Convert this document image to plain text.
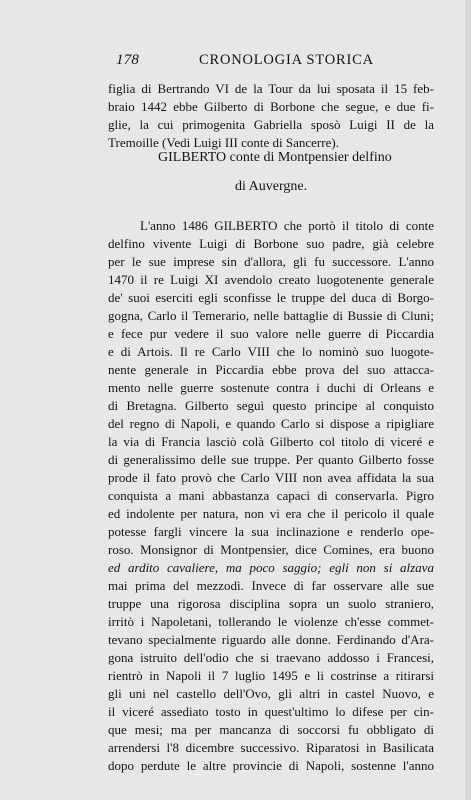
178	CRONOLOGIA STORICA
figlia di Bertrando VI de la Tour da lui sposata il 15 feb-
braio 1442 ebbe Gilberto di Borbone che segue, e due fi-
glie, la cui primogenita Gabriella sposò Luigi II de la
Tremoille (Vedi Luigi III conte di Sancerre).
GILBERTO conte di Montpensier delfino
di Auvergne.
L'anno 1486 GILBERTO che portò il titolo di conte
delfino vivente Luigi di Borbone suo padre, già celebre
per le sue imprese sin d'allora, gli fu successore. L'anno
1470 il re Luigi XI avendolo creato luogotenente generale
de' suoi eserciti egli sconfisse le truppe del duca di Borgo-
gogna, Carlo il Temerario, nelle battaglie di Bussie di Cluni;
e fece pur vedere il suo valore nelle guerre di Piccardia
e di Artois. Il re Carlo VIII che lo nominò suo luogote-
nente generale in Piccardia ebbe prova del suo attacca-
mento nelle guerre sostenute contra i duchi di Orleans e
di Bretagna. Gilberto seguì questo principe al conquisto
del regno di Napoli, e quando Carlo si dispose a ripigliare
la via di Francia lasciò colà Gilberto col titolo di viceré e
di generalissimo delle sue truppe. Per quanto Gilberto fosse
prode il fato provò che Carlo VIII non avea affidata la sua
conquista a mani abbastanza capaci di conservarla. Pigro
ed indolente per natura, non vi era che il pericolo il quale
potesse fargli vincere la sua inclinazione e renderlo ope-
roso. Monsignor di Montpensier, dice Comines, era buono
ed ardito cavaliere, ma poco saggio; egli non si alzava
mai prima del mezzodì. Invece di far osservare alle sue
truppe una rigorosa disciplina sopra un suolo straniero,
irritò i Napoletani, tollerando le violenze ch'esse commet-
tevano specialmente riguardo alle donne. Ferdinando d'Ara-
gona istruito dell'odio che si traevano addosso i Francesi,
rientrò in Napoli il 7 luglio 1495 e li costrinse a ritirarsi
gli uni nel castello dell'Ovo, gli altri in castel Nuovo, e
il viceré assediato tosto in quest'ultimo lo difese per cin-
que mesi; ma per mancanza di soccorsi fu obbligato di
arrendersi l'8 dicembre successivo. Riparatosi in Basilicata
dopo perdute le altre provincie di Napoli, sostenne l'anno
